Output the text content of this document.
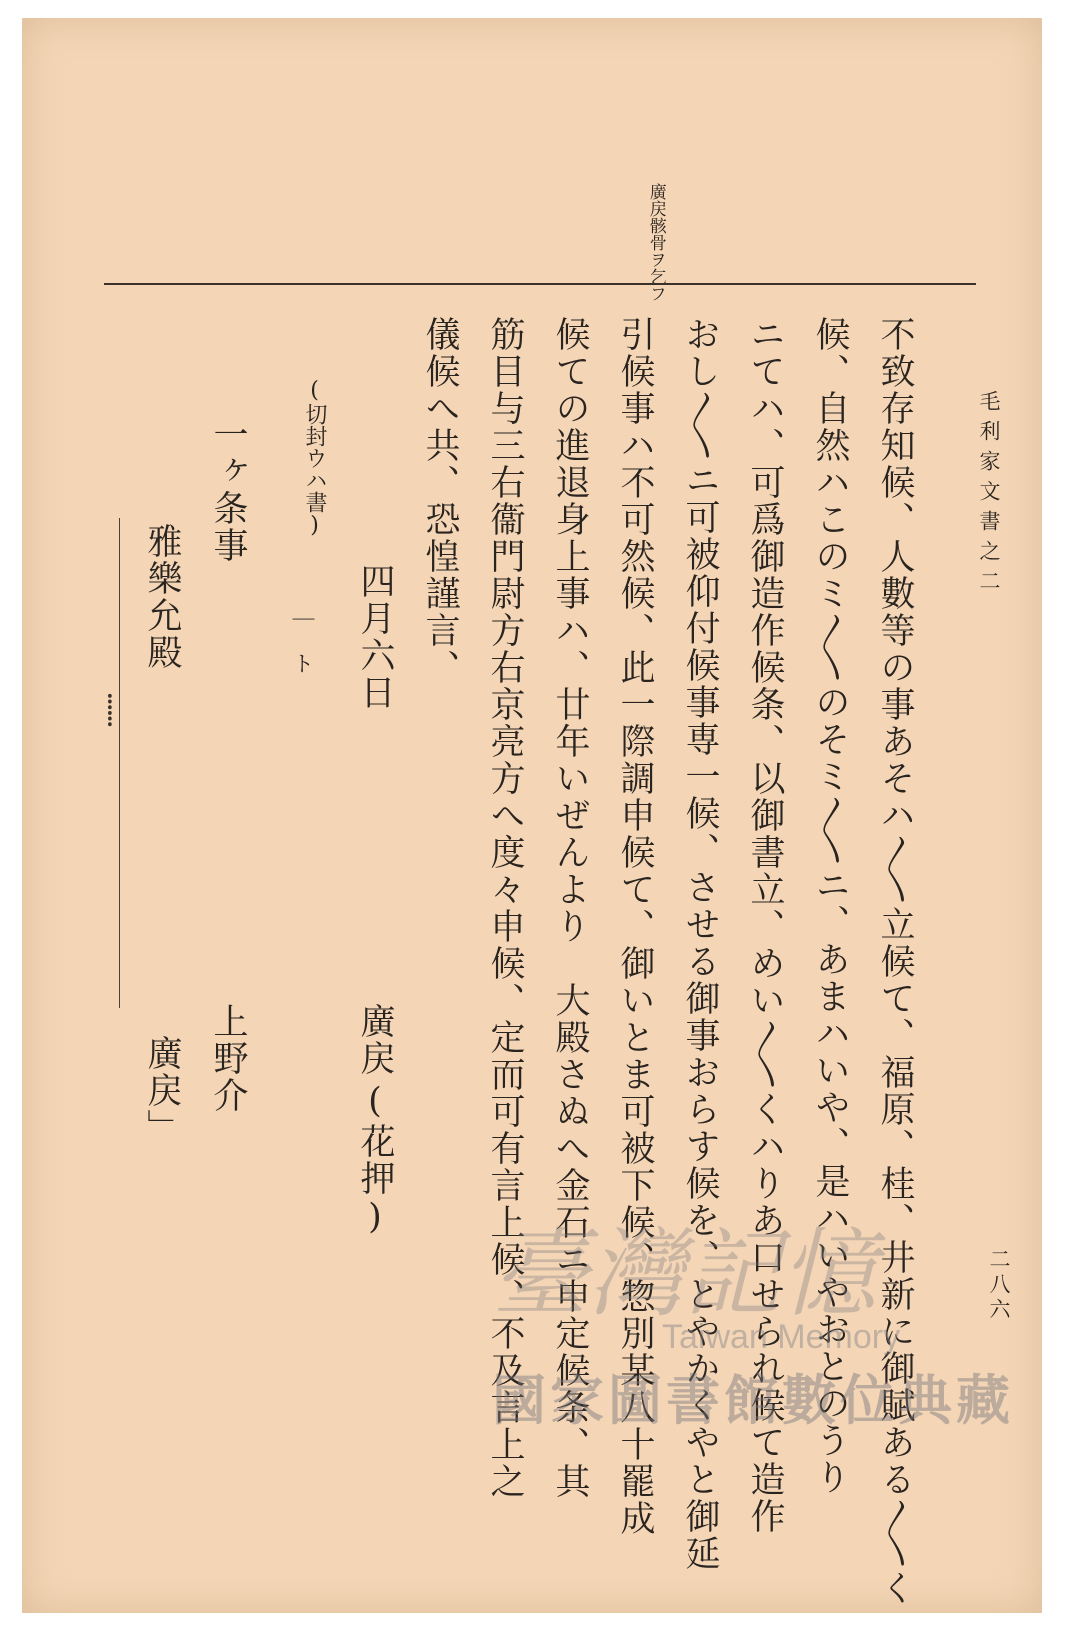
毛利家文書之二
二八六
廣戻骸骨ヲ乞フ
不致存知候、人數等の事あそハ〳〵立候て、福原、桂、井新に御賦ある〳〵く
候、自然ハこのミ〳〵のそミ〳〵ニ、あまハいや、是ハいやおとのうり
ニてハ、可爲御造作候条、以御書立、めい〳〵くハりあ口せられ候て造作
おし〳〵ニ可被仰付候事専一候、させる御事おらす候を、とやかくやと御延
引候事ハ不可然候、此一際調申候て、御いとま可被下候、惣別某八十罷成
候ての進退身上事ハ、廿年いぜんより　大殿さぬへ金石ニ申定候条、其
筋目与三右衞門尉方右京亮方へ度々申候、定而可有言上候、不及言上之
儀候へ共、恐惶謹言、
四月六日
廣戻
(花押)
(切封ウハ書)
｜　ト
一ヶ条事
上野介
雅樂允殿
廣戻」
⸽
臺灣記憶
Taiwan Memory
國家圖書館數位典藏
